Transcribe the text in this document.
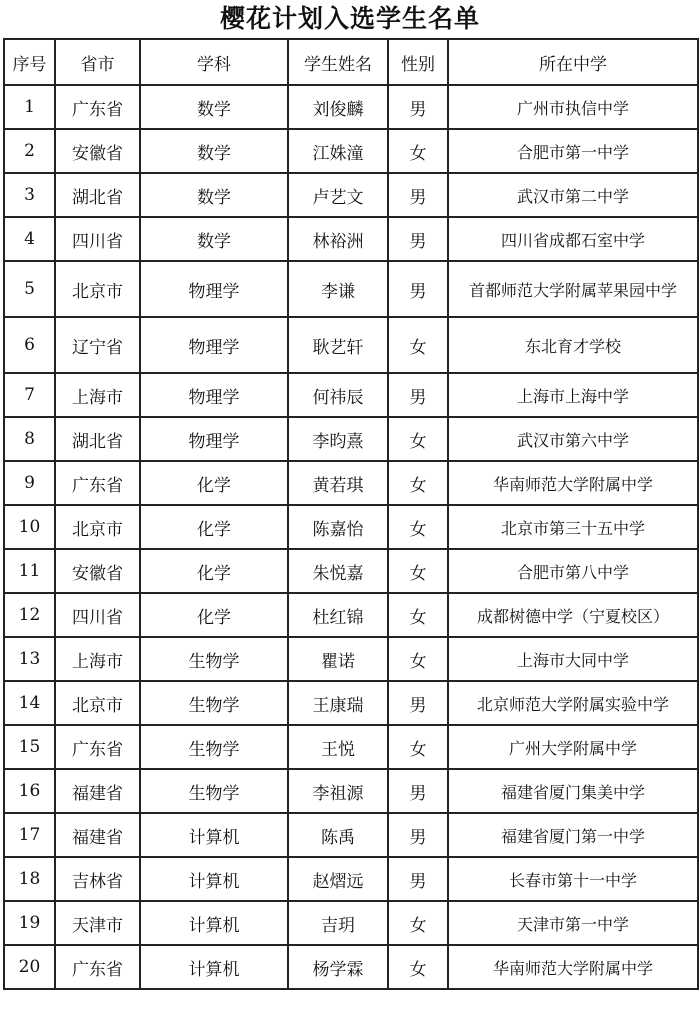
樱花计划入选学生名单
序号	省市	学科	学生姓名	性别	所在中学
1	广东省	数学	刘俊麟	男	广州市执信中学
2	安徽省	数学	江姝潼	女	合肥市第一中学
3	湖北省	数学	卢艺文	男	武汉市第二中学
4	四川省	数学	林裕洲	男	四川省成都石室中学
5	北京市	物理学	李谦	男	首都师范大学附属苹果园中学
6	辽宁省	物理学	耿艺轩	女	东北育才学校
7	上海市	物理学	何祎辰	男	上海市上海中学
8	湖北省	物理学	李昀熹	女	武汉市第六中学
9	广东省	化学	黄若琪	女	华南师范大学附属中学
10	北京市	化学	陈嘉怡	女	北京市第三十五中学
11	安徽省	化学	朱悦嘉	女	合肥市第八中学
12	四川省	化学	杜红锦	女	成都树德中学（宁夏校区）
13	上海市	生物学	瞿诺	女	上海市大同中学
14	北京市	生物学	王康瑞	男	北京师范大学附属实验中学
15	广东省	生物学	王悦	女	广州大学附属中学
16	福建省	生物学	李祖源	男	福建省厦门集美中学
17	福建省	计算机	陈禹	男	福建省厦门第一中学
18	吉林省	计算机	赵熠远	男	长春市第十一中学
19	天津市	计算机	吉玥	女	天津市第一中学
20	广东省	计算机	杨学霖	女	华南师范大学附属中学
